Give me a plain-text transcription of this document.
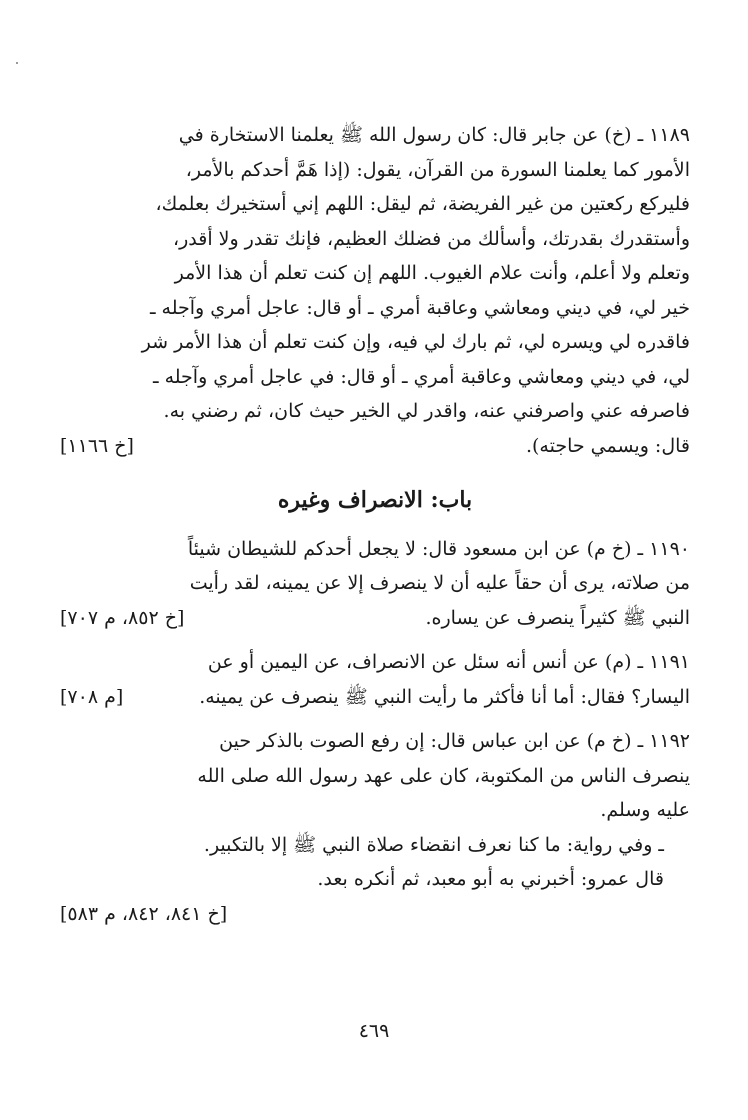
١١٨٩ ـ (خ) عن جابر قال: كان رسول الله ﷺ يعلمنا الاستخارة في

الأمور كما يعلمنا السورة من القرآن، يقول: (إذا هَمَّ أحدكم بالأمر،

فليركع ركعتين من غير الفريضة، ثم ليقل: اللهم إني أستخيرك بعلمك،

وأستقدرك بقدرتك، وأسألك من فضلك العظيم، فإنك تقدر ولا أقدر،

وتعلم ولا أعلم، وأنت علام الغيوب. اللهم إن كنت تعلم أن هذا الأمر

خير لي، في ديني ومعاشي وعاقبة أمري ـ أو قال: عاجل أمري وآجله ـ

فاقدره لي ويسره لي، ثم بارك لي فيه، وإن كنت تعلم أن هذا الأمر شر

لي، في ديني ومعاشي وعاقبة أمري ـ أو قال: في عاجل أمري وآجله ـ

فاصرفه عني واصرفني عنه، واقدر لي الخير حيث كان، ثم رضني به.

قال: ويسمي حاجته).
[خ ١١٦٦]
باب: الانصراف وغيره

١١٩٠ ـ (خ م) عن ابن مسعود قال: لا يجعل أحدكم للشيطان شيئاً

من صلاته، يرى أن حقاً عليه أن لا ينصرف إلا عن يمينه، لقد رأيت

النبي ﷺ كثيراً ينصرف عن يساره.
[خ ٨٥٢، م ٧٠٧]

١١٩١ ـ (م) عن أنس أنه سئل عن الانصراف، عن اليمين أو عن

اليسار؟ فقال: أما أنا فأكثر ما رأيت النبي ﷺ ينصرف عن يمينه.
[م ٧٠٨]

١١٩٢ ـ (خ م) عن ابن عباس قال: إن رفع الصوت بالذكر حين

ينصرف الناس من المكتوبة، كان على عهد رسول الله صلى الله

عليه وسلم.

ـ وفي رواية: ما كنا نعرف انقضاء صلاة النبي ﷺ إلا بالتكبير.

قال عمرو: أخبرني به أبو معبد، ثم أنكره بعد.

[خ ٨٤١، ٨٤٢، م ٥٨٣]
٤٦٩
